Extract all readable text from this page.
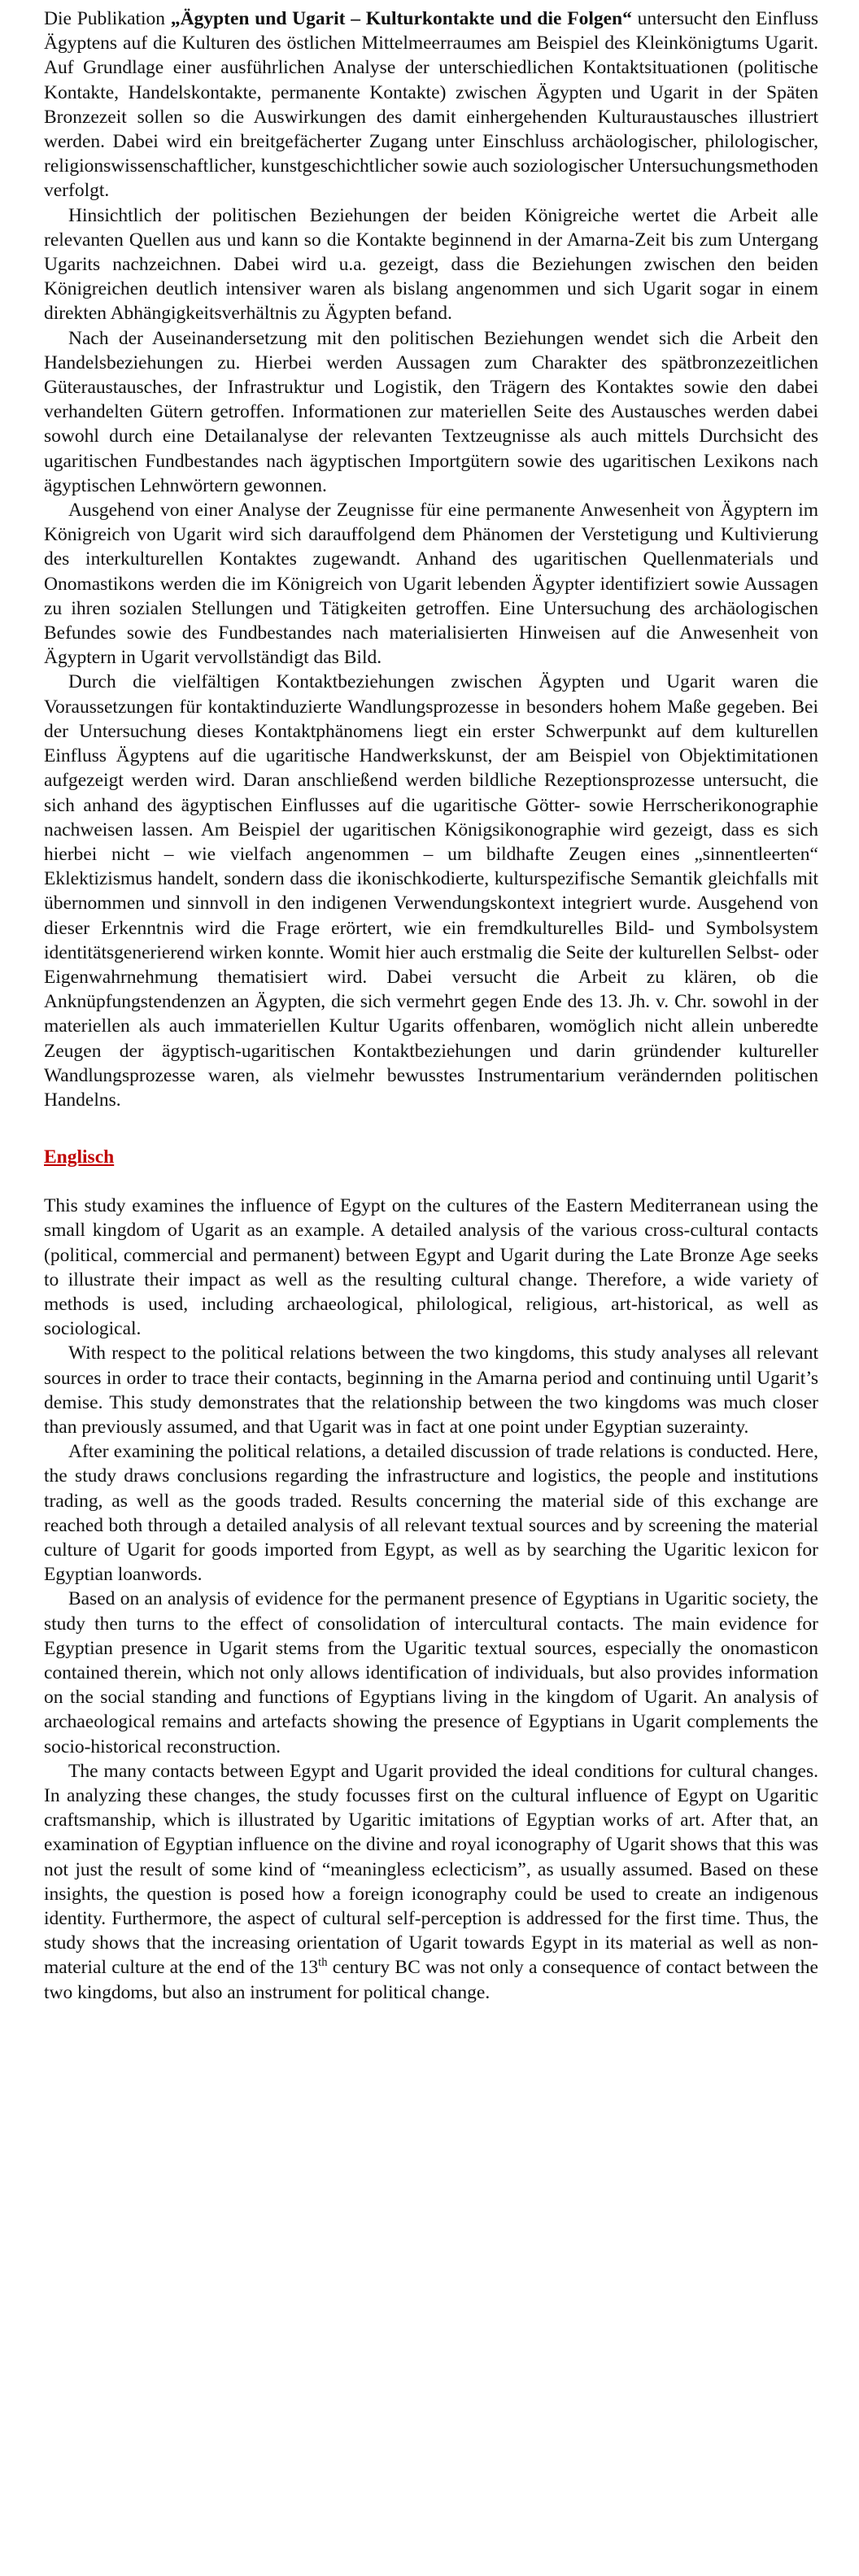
Die Publikation „Ägypten und Ugarit – Kulturkontakte und die Folgen“ untersucht den Einfluss Ägyptens auf die Kulturen des östlichen Mittelmeerraumes am Beispiel des Kleinkönigtums Ugarit. Auf Grundlage einer ausführlichen Analyse der unterschiedlichen Kontaktsituationen (politische Kontakte, Handelskontakte, permanente Kontakte) zwischen Ägypten und Ugarit in der Späten Bronzezeit sollen so die Auswirkungen des damit einhergehenden Kulturaustausches illustriert werden. Dabei wird ein breitgefächerter Zugang unter Einschluss archäologischer, philologischer, religionswissenschaftlicher, kunstgeschichtlicher sowie auch soziologischer Untersuchungsmethoden verfolgt.

Hinsichtlich der politischen Beziehungen der beiden Königreiche wertet die Arbeit alle relevanten Quellen aus und kann so die Kontakte beginnend in der Amarna-Zeit bis zum Untergang Ugarits nachzeichnen. Dabei wird u.a. gezeigt, dass die Beziehungen zwischen den beiden Königreichen deutlich intensiver waren als bislang angenommen und sich Ugarit sogar in einem direkten Abhängigkeitsverhältnis zu Ägypten befand.

Nach der Auseinandersetzung mit den politischen Beziehungen wendet sich die Arbeit den Handelsbeziehungen zu. Hierbei werden Aussagen zum Charakter des spätbronzezeitlichen Güteraustausches, der Infrastruktur und Logistik, den Trägern des Kontaktes sowie den dabei verhandelten Gütern getroffen. Informationen zur materiellen Seite des Austausches werden dabei sowohl durch eine Detailanalyse der relevanten Textzeugnisse als auch mittels Durchsicht des ugaritischen Fundbestandes nach ägyptischen Importgütern sowie des ugaritischen Lexikons nach ägyptischen Lehnwörtern gewonnen.

Ausgehend von einer Analyse der Zeugnisse für eine permanente Anwesenheit von Ägyptern im Königreich von Ugarit wird sich darauffolgend dem Phänomen der Verstetigung und Kultivierung des interkulturellen Kontaktes zugewandt. Anhand des ugaritischen Quellenmaterials und Onomastikons werden die im Königreich von Ugarit lebenden Ägypter identifiziert sowie Aussagen zu ihren sozialen Stellungen und Tätigkeiten getroffen. Eine Untersuchung des archäologischen Befundes sowie des Fundbestandes nach materialisierten Hinweisen auf die Anwesenheit von Ägyptern in Ugarit vervollständigt das Bild.

Durch die vielfältigen Kontaktbeziehungen zwischen Ägypten und Ugarit waren die Voraussetzungen für kontaktinduzierte Wandlungsprozesse in besonders hohem Maße gegeben. Bei der Untersuchung dieses Kontaktphänomens liegt ein erster Schwerpunkt auf dem kulturellen Einfluss Ägyptens auf die ugaritische Handwerkskunst, der am Beispiel von Objektimitationen aufgezeigt werden wird. Daran anschließend werden bildliche Rezeptionsprozesse untersucht, die sich anhand des ägyptischen Einflusses auf die ugaritische Götter- sowie Herrscherikonographie nachweisen lassen. Am Beispiel der ugaritischen Königsikonographie wird gezeigt, dass es sich hierbei nicht – wie vielfach angenommen – um bildhafte Zeugen eines „sinnentleerten“ Eklektizismus handelt, sondern dass die ikonischkodierte, kulturspezifische Semantik gleichfalls mit übernommen und sinnvoll in den indigenen Verwendungskontext integriert wurde. Ausgehend von dieser Erkenntnis wird die Frage erörtert, wie ein fremdkulturelles Bild- und Symbolsystem identitätsgenerierend wirken konnte. Womit hier auch erstmalig die Seite der kulturellen Selbst- oder Eigenwahrnehmung thematisiert wird. Dabei versucht die Arbeit zu klären, ob die Anknüpfungstendenzen an Ägypten, die sich vermehrt gegen Ende des 13. Jh. v. Chr. sowohl in der materiellen als auch immateriellen Kultur Ugarits offenbaren, womöglich nicht allein unberedte Zeugen der ägyptisch-ugaritischen Kontaktbeziehungen und darin gründender kultureller Wandlungsprozesse waren, als vielmehr bewusstes Instrumentarium verändernden politischen Handelns.

Englisch

This study examines the influence of Egypt on the cultures of the Eastern Mediterranean using the small kingdom of Ugarit as an example. A detailed analysis of the various cross-cultural contacts (political, commercial and permanent) between Egypt and Ugarit during the Late Bronze Age seeks to illustrate their impact as well as the resulting cultural change. Therefore, a wide variety of methods is used, including archaeological, philological, religious, art-historical, as well as sociological.

With respect to the political relations between the two kingdoms, this study analyses all relevant sources in order to trace their contacts, beginning in the Amarna period and continuing until Ugarit’s demise. This study demonstrates that the relationship between the two kingdoms was much closer than previously assumed, and that Ugarit was in fact at one point under Egyptian suzerainty.

After examining the political relations, a detailed discussion of trade relations is conducted. Here, the study draws conclusions regarding the infrastructure and logistics, the people and institutions trading, as well as the goods traded. Results concerning the material side of this exchange are reached both through a detailed analysis of all relevant textual sources and by screening the material culture of Ugarit for goods imported from Egypt, as well as by searching the Ugaritic lexicon for Egyptian loanwords.

Based on an analysis of evidence for the permanent presence of Egyptians in Ugaritic society, the study then turns to the effect of consolidation of intercultural contacts. The main evidence for Egyptian presence in Ugarit stems from the Ugaritic textual sources, especially the onomasticon contained therein, which not only allows identification of individuals, but also provides information on the social standing and functions of Egyptians living in the kingdom of Ugarit. An analysis of archaeological remains and artefacts showing the presence of Egyptians in Ugarit complements the socio-historical reconstruction.

The many contacts between Egypt and Ugarit provided the ideal conditions for cultural changes. In analyzing these changes, the study focusses first on the cultural influence of Egypt on Ugaritic craftsmanship, which is illustrated by Ugaritic imitations of Egyptian works of art. After that, an examination of Egyptian influence on the divine and royal iconography of Ugarit shows that this was not just the result of some kind of “meaningless eclecticism”, as usually assumed. Based on these insights, the question is posed how a foreign iconography could be used to create an indigenous identity. Furthermore, the aspect of cultural self-perception is addressed for the first time. Thus, the study shows that the increasing orientation of Ugarit towards Egypt in its material as well as non-material culture at the end of the 13th century BC was not only a consequence of contact between the two kingdoms, but also an instrument for political change.
